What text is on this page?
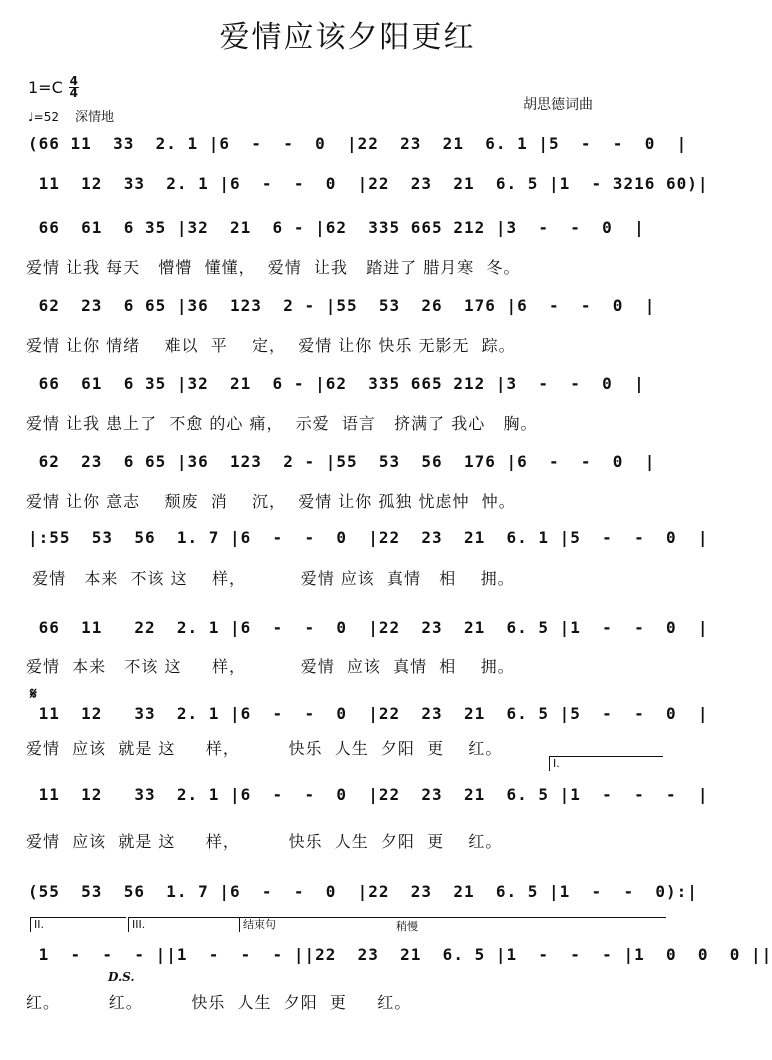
爱情应该夕阳更红
$1=C \frac{4}{4}$
♩=52 深情地
胡思德词曲
(66 11  33  2. 1 |6  -  -  0  |22  23  21  6. 1 |5  -  -  0  |
11  12  33  2. 1 |6  -  -  0  |22  23  21  6. 5 |1  - 3216 60)|
66  61  6 35 |32  21  6 - |62  335 665 212 |3  -  -  0  |
爱情 让我 每天   懵懵  懂懂，  爱情  让我   踏进了 腊月寒  冬。
62  23  6 65 |36  123  2 - |55  53  26  176 |6  -  -  0  |
爱情 让你 情绪    难以  平    定，  爱情 让你 快乐 无影无  踪。
66  61  6 35 |32  21  6 - |62  335 665 212 |3  -  -  0  |
爱情 让我 患上了  不愈 的心 痛，  示爱  语言   挤满了 我心   胸。
62  23  6 65 |36  123  2 - |55  53  56  176 |6  -  -  0  |
爱情 让你 意志    颓废  消    沉，  爱情 让你 孤独 忧虑忡  忡。
|:55  53  56  1. 7 |6  -  -  0  |22  23  21  6. 1 |5  -  -  0  |
爱情   本来  不该 这    样，         爱情 应该  真情   相    拥。
66  11   22  2. 1 |6  -  -  0  |22  23  21  6. 5 |1  -  -  0  |
爱情  本来   不该 这     样，         爱情  应该  真情  相    拥。
11  12   33  2. 1 |6  -  -  0  |22  23  21  6. 5 |5  -  -  0  |
爱情  应该  就是 这     样，        快乐  人生  夕阳  更    红。
11  12   33  2. 1 |6  -  -  0  |22  23  21  6. 5 |1  -  -  -  |
爱情  应该  就是 这     样，        快乐  人生  夕阳  更    红。
(55  53  56  1. 7 |6  -  -  0  |22  23  21  6. 5 |1  -  -  0):|
1  -  -  - ||1  -  -  - ||22  23  21  6. 5 |1  -  -  - |1  0  0  0 ||
红。        红。        快乐  人生  夕阳  更     红。
𝄋
I.
II.	III.	结束句	稍慢
D.S.
